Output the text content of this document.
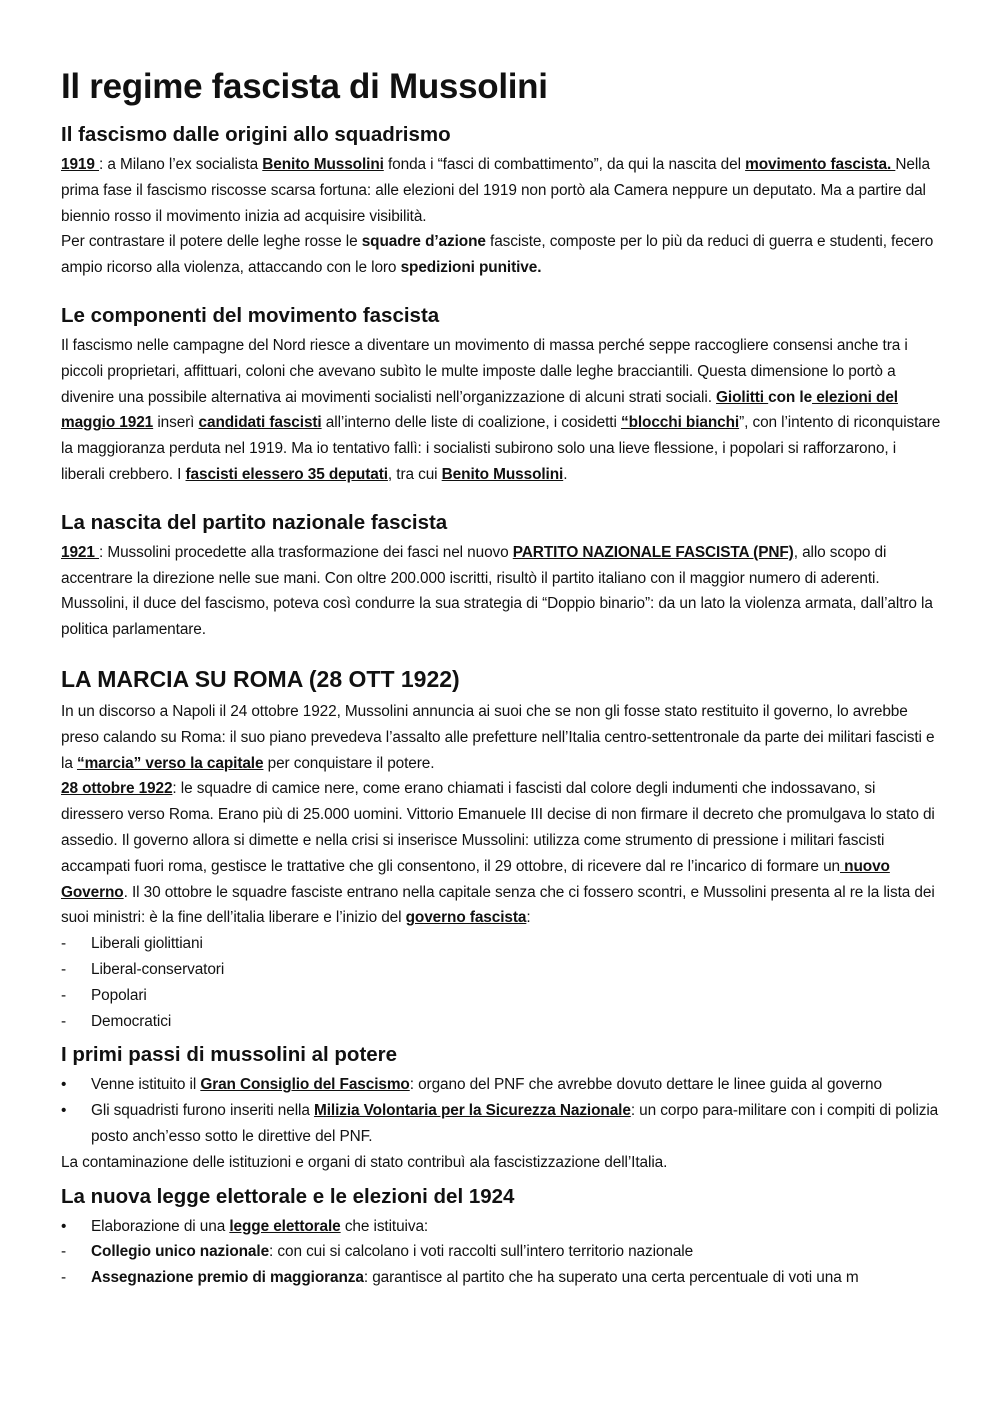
Il regime fascista di Mussolini
Il fascismo dalle origini allo squadrismo

1919 : a Milano l’ex socialista Benito Mussolini fonda i “fasci di combattimento”, da qui la nascita del movimento fascista. Nella prima fase il fascismo riscosse scarsa fortuna: alle elezioni del 1919 non portò ala Camera neppure un deputato. Ma a partire dal biennio rosso il movimento inizia ad acquisire visibilità.

Per contrastare il potere delle leghe rosse le squadre d’azione fasciste, composte per lo più da reduci di guerra e studenti, fecero ampio ricorso alla violenza, attaccando con le loro spedizioni punitive.

Le componenti del movimento fascista

Il fascismo nelle campagne del Nord riesce a diventare un movimento di massa perché seppe raccogliere consensi anche tra i piccoli proprietari, affittuari, coloni che avevano subìto le multe imposte dalle leghe bracciantili. Questa dimensione lo portò a divenire una possibile alternativa ai movimenti socialisti nell’organizzazione di alcuni strati sociali. Giolitti con le elezioni del maggio 1921 inserì candidati fascisti all’interno delle liste di coalizione, i cosidetti “blocchi bianchi”, con l’intento di riconquistare la maggioranza perduta nel 1919. Ma io tentativo fallì: i socialisti subirono solo una lieve flessione, i popolari si rafforzarono, i liberali crebbero. I fascisti elessero 35 deputati, tra cui Benito Mussolini.

La nascita del partito nazionale fascista

1921 : Mussolini procedette alla trasformazione dei fasci nel nuovo PARTITO NAZIONALE FASCISTA (PNF), allo scopo di accentrare la direzione nelle sue mani. Con oltre 200.000 iscritti, risultò il partito italiano con il maggior numero di aderenti. Mussolini, il duce del fascismo, poteva così condurre la sua strategia di “Doppio binario”: da un lato la violenza armata, dall’altro la politica parlamentare.

LA MARCIA SU ROMA (28 OTT 1922)

In un discorso a Napoli il 24 ottobre 1922, Mussolini annuncia ai suoi che se non gli fosse stato restituito il governo, lo avrebbe preso calando su Roma: il suo piano prevedeva l’assalto alle prefetture nell’Italia centro-settentronale da parte dei militari fascisti e la “marcia” verso la capitale per conquistare il potere.

28 ottobre 1922: le squadre di camice nere, come erano chiamati i fascisti dal colore degli indumenti che indossavano, si diressero verso Roma. Erano più di 25.000 uomini. Vittorio Emanuele III decise di non firmare il decreto che promulgava lo stato di assedio. Il governo allora si dimette e nella crisi si inserisce Mussolini: utilizza come strumento di pressione i militari fascisti accampati fuori roma, gestisce le trattative che gli consentono, il 29 ottobre, di ricevere dal re l’incarico di formare un nuovo Governo. Il 30 ottobre le squadre fasciste entrano nella capitale senza che ci fossero scontri, e Mussolini presenta al re la lista dei suoi ministri: è la fine dell’italia liberare e l’inizio del governo fascista:

-	Liberali giolittiani
-	Liberal-conservatori
-	Popolari
-	Democratici
I primi passi di mussolini al potere
•	Venne istituito il Gran Consiglio del Fascismo: organo del PNF che avrebbe dovuto dettare le linee guida al governo
•	Gli squadristi furono inseriti nella Milizia Volontaria per la Sicurezza Nazionale: un corpo para-militare con i compiti di polizia posto anch’esso sotto le direttive del PNF.

La contaminazione delle istituzioni e organi di stato contribuì ala fascistizzazione dell’Italia.

La nuova legge elettorale e le elezioni del 1924
•	Elaborazione di una legge elettorale che istituiva:
-	Collegio unico nazionale: con cui si calcolano i voti raccolti sull’intero territorio nazionale
-	Assegnazione premio di maggioranza: garantisce al partito che ha superato una certa percentuale di voti una m
